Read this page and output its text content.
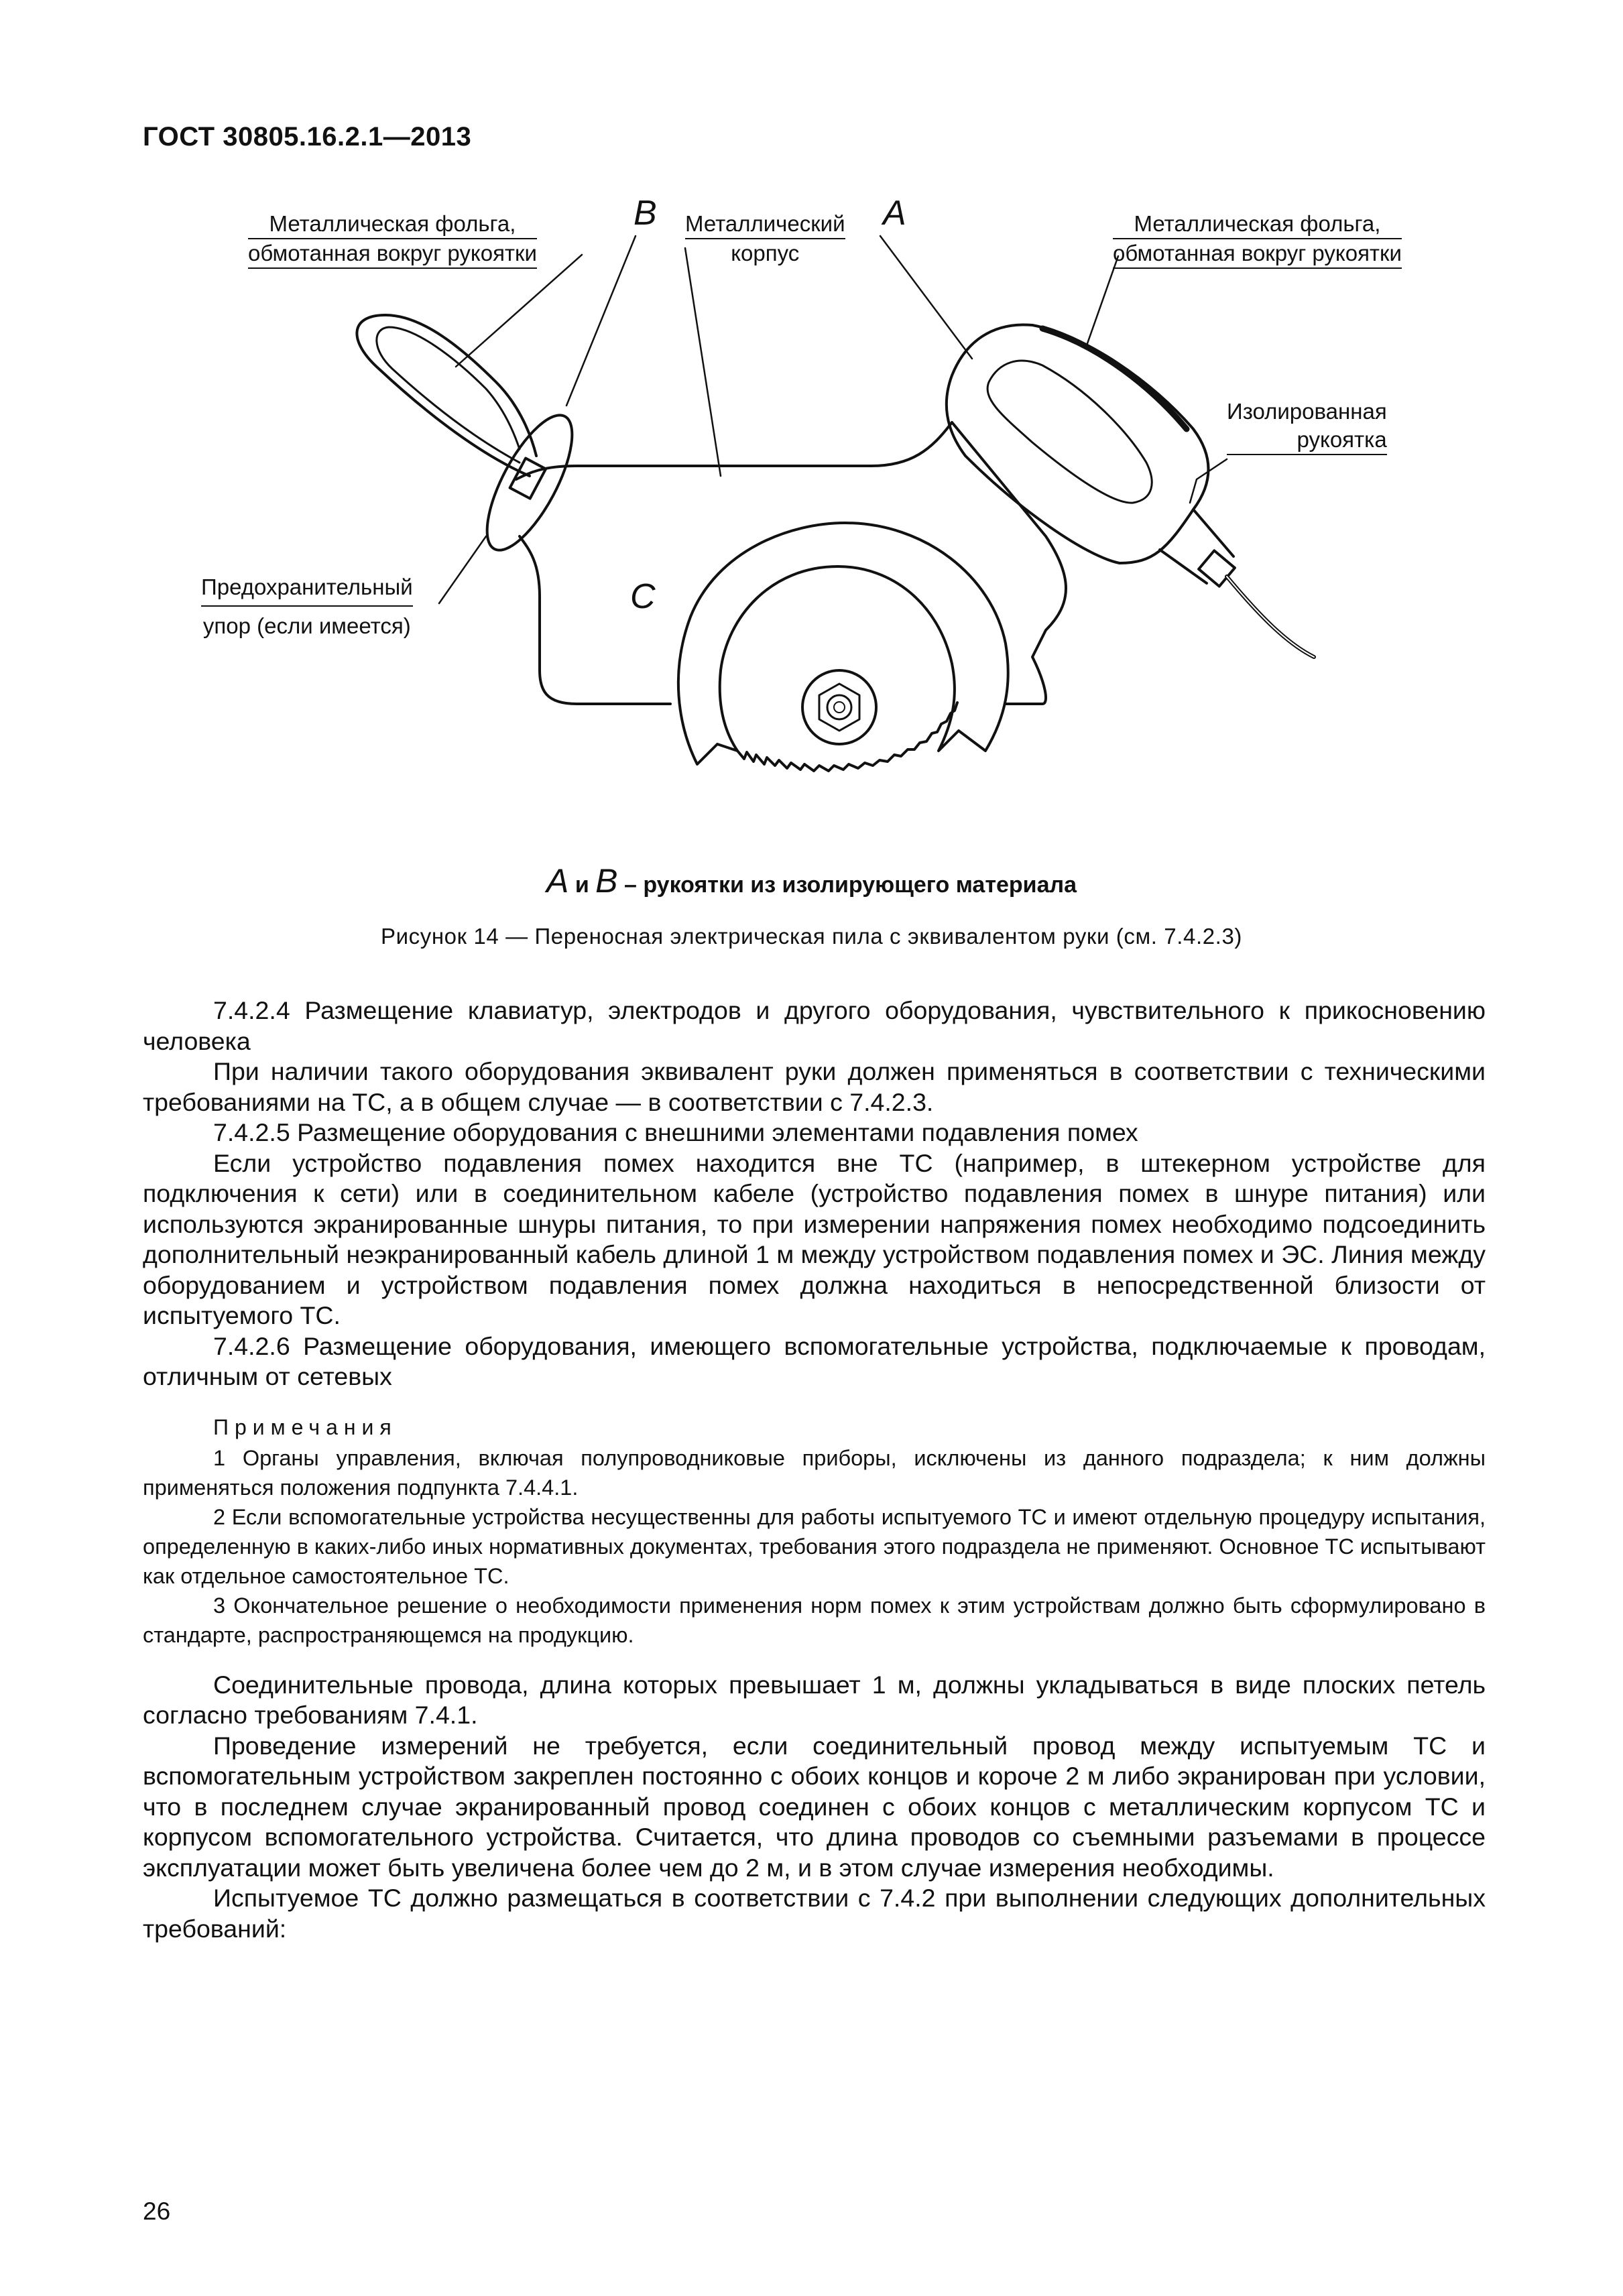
ГОСТ 30805.16.2.1—2013
Металлическая фольга,
обмотанная вокруг рукоятки
B Металлический
корпус
A	Металлическая фольга,
обмотанная вокруг рукоятки
Изолированная
рукоятка
Предохранительный
упор (если имеется)
C
A и B – рукоятки из изолирующего материала
Рисунок 14 — Переносная электрическая пила с эквивалентом руки (см. 7.4.2.3)

7.4.2.4 Размещение клавиатур, электродов и другого оборудования, чувствительного к прикосновению человека

При наличии такого оборудования эквивалент руки должен применяться в соответствии с техническими требованиями на ТС, а в общем случае — в соответствии с 7.4.2.3.

7.4.2.5 Размещение оборудования с внешними элементами подавления помех

Если устройство подавления помех находится вне ТС (например, в штекерном устройстве для подключения к сети) или в соединительном кабеле (устройство подавления помех в шнуре питания) или используются экранированные шнуры питания, то при измерении напряжения помех необходимо подсоединить дополнительный неэкранированный кабель длиной 1 м между устройством подавления помех и ЭС. Линия между оборудованием и устройством подавления помех должна находиться в непосредственной близости от испытуемого ТС.

7.4.2.6 Размещение оборудования, имеющего вспомогательные устройства, подключаемые к проводам, отличным от сетевых

Примечания

1 Органы управления, включая полупроводниковые приборы, исключены из данного подраздела; к ним должны применяться положения подпункта 7.4.4.1.

2 Если вспомогательные устройства несущественны для работы испытуемого ТС и имеют отдельную процедуру испытания, определенную в каких-либо иных нормативных документах, требования этого подраздела не применяют. Основное ТС испытывают как отдельное самостоятельное ТС.

3 Окончательное решение о необходимости применения норм помех к этим устройствам должно быть сформулировано в стандарте, распространяющемся на продукцию.

Соединительные провода, длина которых превышает 1 м, должны укладываться в виде плоских петель согласно требованиям 7.4.1.

Проведение измерений не требуется, если соединительный провод между испытуемым ТС и вспомогательным устройством закреплен постоянно с обоих концов и короче 2 м либо экранирован при условии, что в последнем случае экранированный провод соединен с обоих концов с металлическим корпусом ТС и корпусом вспомогательного устройства. Считается, что длина проводов со съемными разъемами в процессе эксплуатации может быть увеличена более чем до 2 м, и в этом случае измерения необходимы.

Испытуемое ТС должно размещаться в соответствии с 7.4.2 при выполнении следующих дополнительных требований:

26
